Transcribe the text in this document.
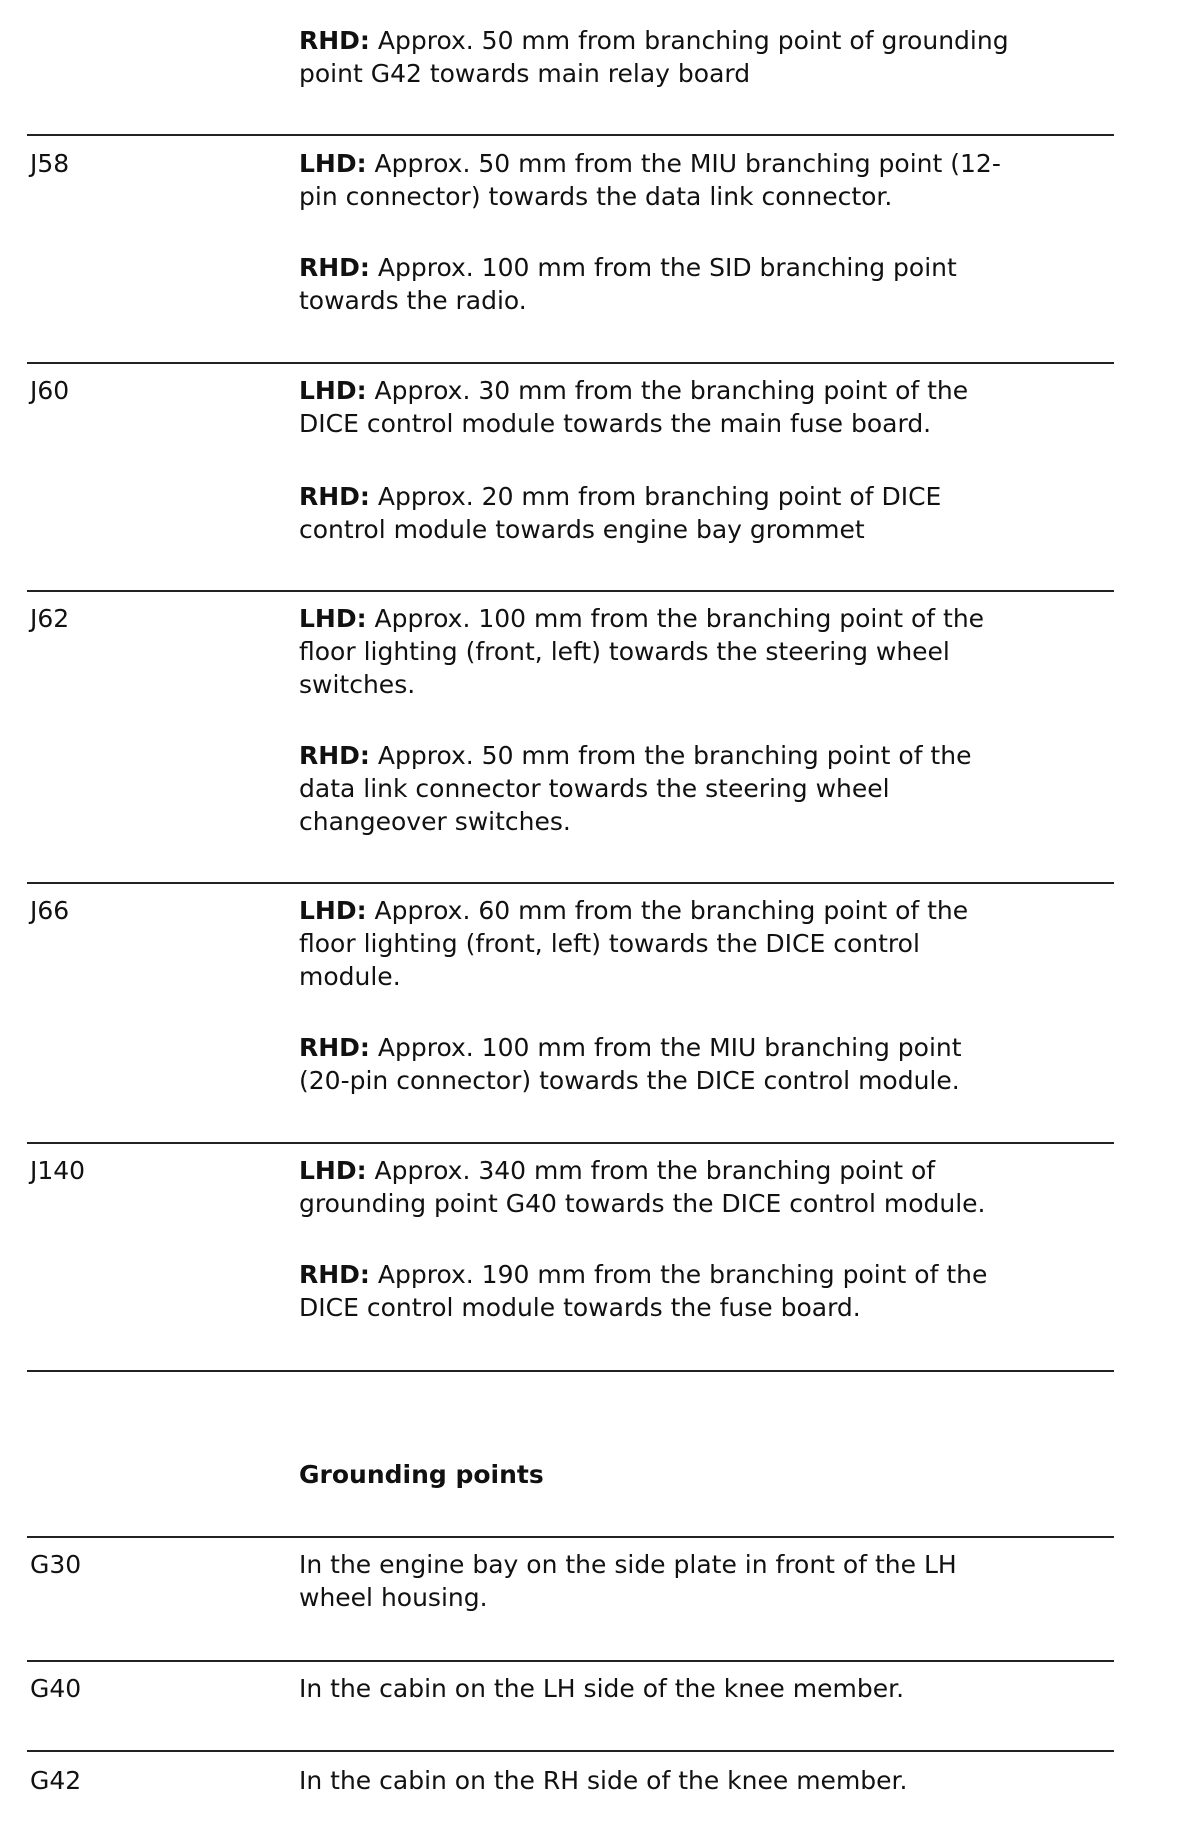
RHD: Approx. 50 mm from branching point of grounding

point G42 towards main relay board

J58	LHD: Approx. 50 mm from the MIU branching point (12-

pin connector) towards the data link connector.

RHD: Approx. 100 mm from the SID branching point

towards the radio.

J60	LHD: Approx. 30 mm from the branching point of the

DICE control module towards the main fuse board.

RHD: Approx. 20 mm from branching point of DICE

control module towards engine bay grommet

J62	LHD: Approx. 100 mm from the branching point of the

floor lighting (front, left) towards the steering wheel

switches.

RHD: Approx. 50 mm from the branching point of the

data link connector towards the steering wheel

changeover switches.

J66	LHD: Approx. 60 mm from the branching point of the

floor lighting (front, left) towards the DICE control

module.

RHD: Approx. 100 mm from the MIU branching point

(20-pin connector) towards the DICE control module.

J140	LHD: Approx. 340 mm from the branching point of

grounding point G40 towards the DICE control module.

RHD: Approx. 190 mm from the branching point of the

DICE control module towards the fuse board.

Grounding points

G30	In the engine bay on the side plate in front of the LH

wheel housing.

G40	In the cabin on the LH side of the knee member.

G42	In the cabin on the RH side of the knee member.
